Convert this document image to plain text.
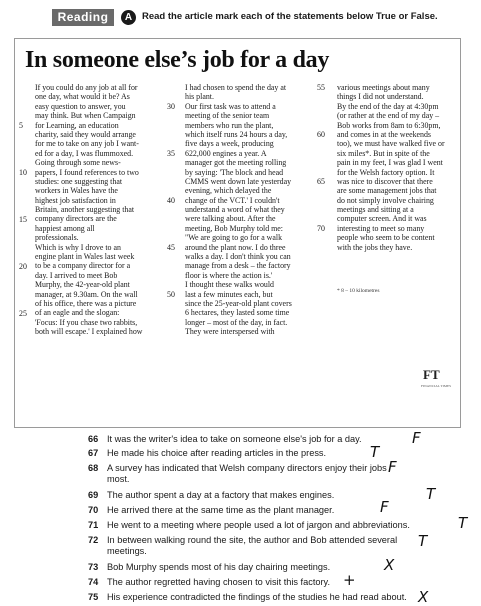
Reading	A	Read the article mark each of the statements below True or False.
In someone else’s job for a day
5
10
15
20
25
If you could do any job at all for
one day, what would it be? As
easy question to answer, you
may think. But when Campaign
for Learning, an education
charity, said they would arrange
for me to take on any job I want-
ed for a day, I was flummoxed.
Going through some news-
papers, I found references to two
studies: one suggesting that
workers in Wales have the
highest job satisfaction in
Britain, another suggesting that
company directors are the
happiest among all
professionals.
Which is why I drove to an
engine plant in Wales last week
to be a company director for a
day. I arrived to meet Bob
Murphy, the 42-year-old plant
manager, at 9.30am. On the wall
of his office, there was a picture
of an eagle and the slogan:
'Focus: If you chase two rabbits,
both will escape.' I explained how
30
35
40
45
50
I had chosen to spend the day at
his plant.
Our first task was to attend a
meeting of the senior team
members who run the plant,
which itself runs 24 hours a day,
five days a week, producing
622,000 engines a year. A
manager got the meeting rolling
by saying: 'The block and head
CMMS went down late yesterday
evening, which delayed the
change of the VCT.' I couldn't
understand a word of what they
were talking about. After the
meeting, Bob Murphy told me:
"We are going to go for a walk
around the plant now. I do three
walks a day. I don't think you can
manage from a desk – the factory
floor is where the action is.'
I thought these walks would
last a few minutes each, but
since the 25-year-old plant covers
6 hectares, they lasted some time
longer – most of the day, in fact.
They were interspersed with
55
60
65
70
various meetings about many
things I did not understand.
By the end of the day at 4:30pm
(or rather at the end of my day –
Bob works from 8am to 6:30pm,
and comes in at the weekends
too), we must have walked five or
six miles*. But in spite of the
pain in my feet, I was glad I went
for the Welsh factory option. It
was nice to discover that there
are some management jobs that
do not simply involve chairing
meetings and sitting at a
computer screen. And it was
interesting to meet so many
people who seem to be content
with the jobs they have.
* 8 – 10 kilometres
FT
FINANCIAL TIMES
66 It was the writer's idea to take on someone else's job for a day.
67 He made his choice after reading articles in the press.
68 A survey has indicated that Welsh company directors enjoy their jobs most.
69 The author spent a day at a factory that makes engines.
70 He arrived there at the same time as the plant manager.
71 He went to a meeting where people used a lot of jargon and abbreviations.
72 In between walking round the site, the author and Bob attended several meetings.
73 Bob Murphy spends most of his day chairing meetings.
74 The author regretted having chosen to visit this factory.
75 His experience contradicted the findings of the studies he had read about.
F
T
F
T
F
T
T
X
+
X
